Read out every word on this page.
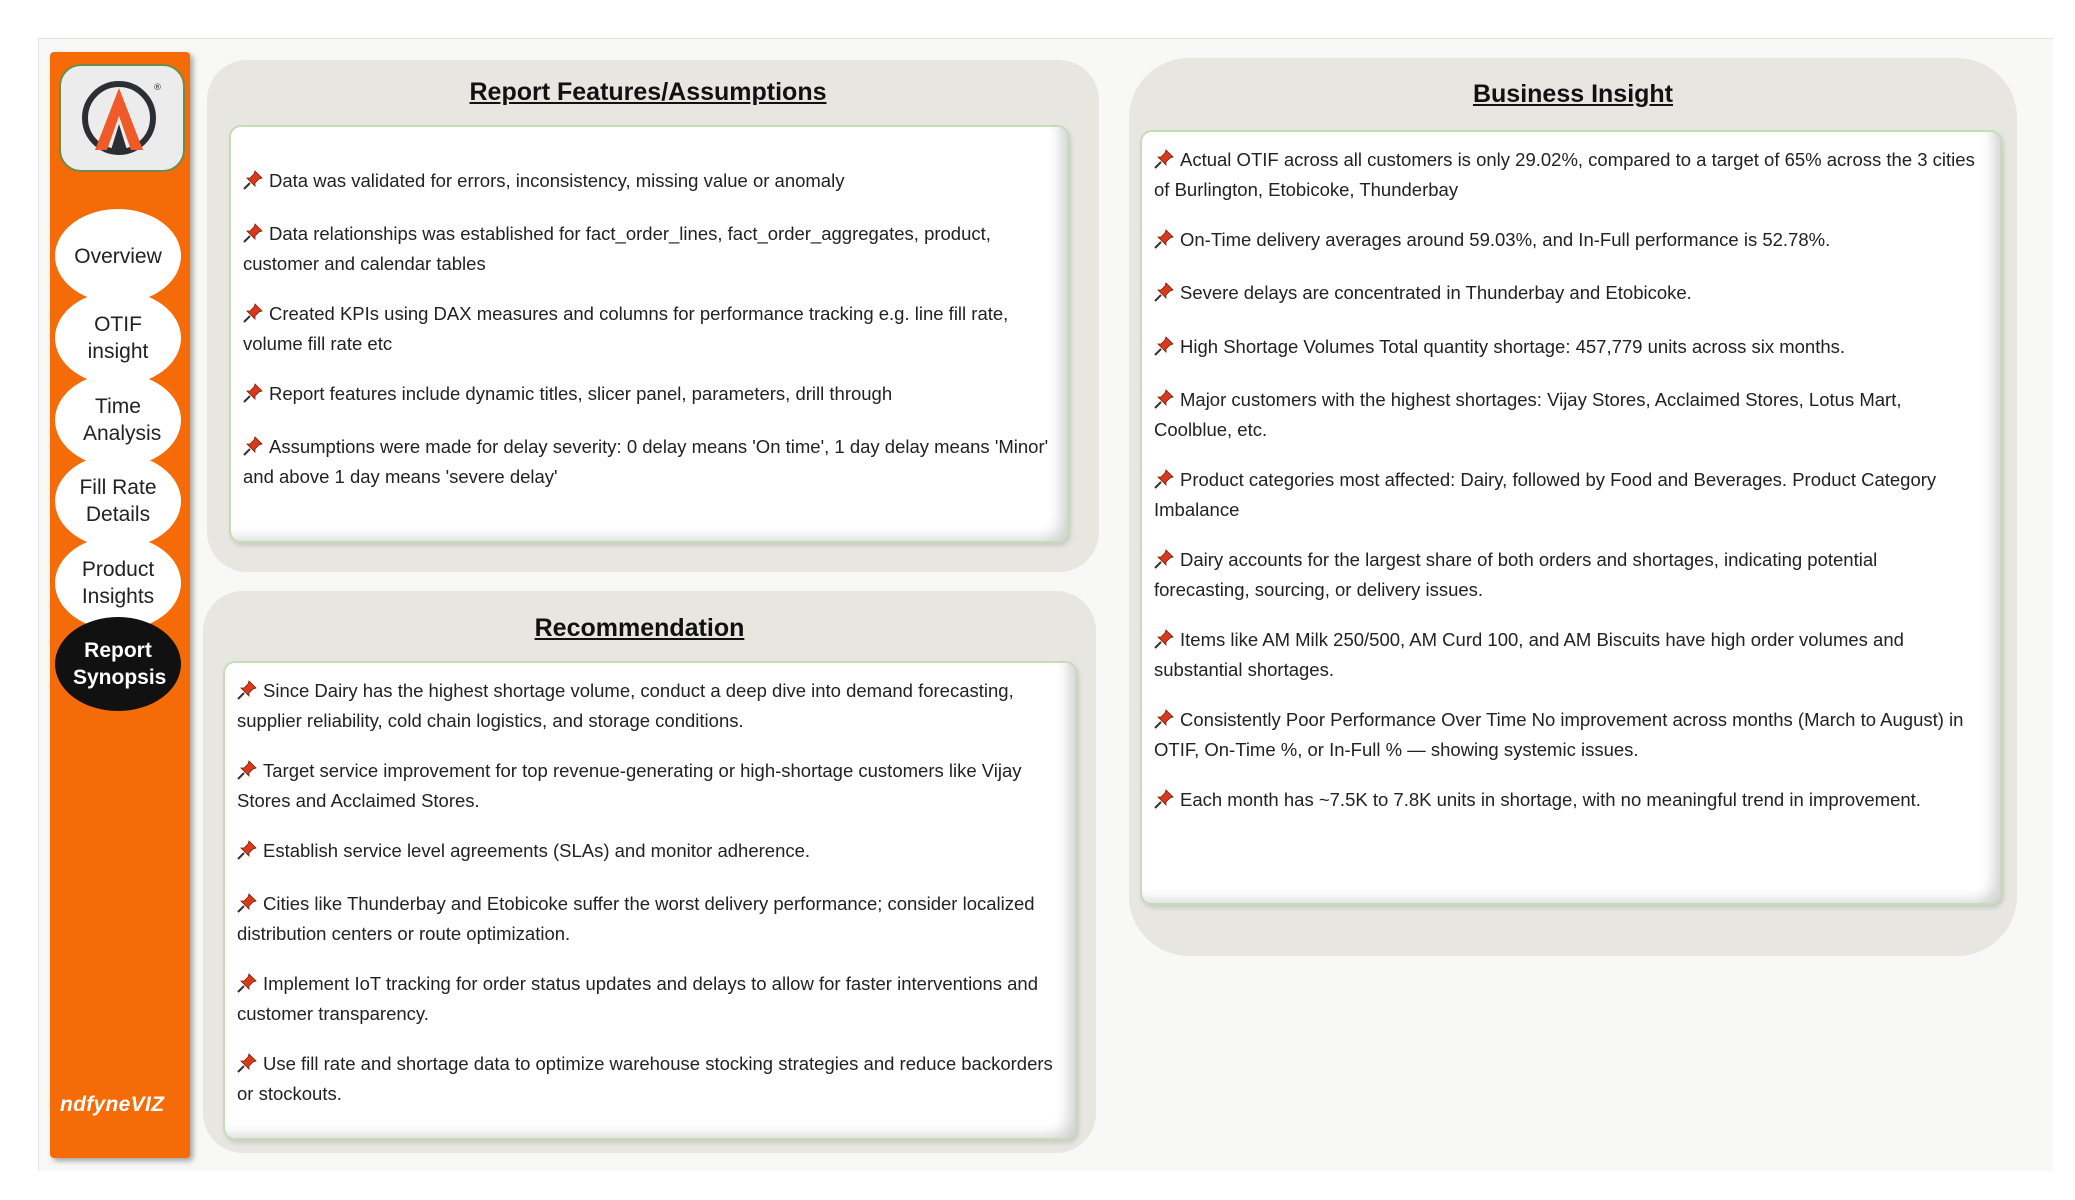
®
Overview
OTIF insight
Time Analysis
Fill Rate Details
Product Insights
Report Synopsis
ndfyneVIZ
Report Features/Assumptions
Data was validated for errors, inconsistency, missing value or anomaly
Data relationships was established for fact_order_lines, fact_order_aggregates, product, customer and calendar tables
Created KPIs using DAX measures and columns for performance tracking e.g. line fill rate, volume fill rate etc
Report features include dynamic titles, slicer panel, parameters, drill through
Assumptions were made for delay severity: 0 delay means 'On time', 1 day delay means 'Minor' and above 1 day means 'severe delay'
Recommendation
Since Dairy has the highest shortage volume, conduct a deep dive into demand forecasting, supplier reliability, cold chain logistics, and storage conditions.
Target service improvement for top revenue-generating or high-shortage customers like Vijay Stores and Acclaimed Stores.
Establish service level agreements (SLAs) and monitor adherence.
Cities like Thunderbay and Etobicoke suffer the worst delivery performance; consider localized distribution centers or route optimization.
Implement IoT tracking for order status updates and delays to allow for faster interventions and customer transparency.
Use fill rate and shortage data to optimize warehouse stocking strategies and reduce backorders or stockouts.
Business Insight
Actual OTIF across all customers is only 29.02%, compared to a target of 65% across the 3 cities of Burlington, Etobicoke, Thunderbay
On-Time delivery averages around 59.03%, and In-Full performance is 52.78%.
Severe delays are concentrated in Thunderbay and Etobicoke.
High Shortage Volumes Total quantity shortage: 457,779 units across six months.
Major customers with the highest shortages: Vijay Stores, Acclaimed Stores, Lotus Mart, Coolblue, etc.
Product categories most affected: Dairy, followed by Food and Beverages. Product Category Imbalance
Dairy accounts for the largest share of both orders and shortages, indicating potential forecasting, sourcing, or delivery issues.
Items like AM Milk 250/500, AM Curd 100, and AM Biscuits have high order volumes and substantial shortages.
Consistently Poor Performance Over Time No improvement across months (March to August) in OTIF, On-Time %, or In-Full % — showing systemic issues.
Each month has ~7.5K to 7.8K units in shortage, with no meaningful trend in improvement.
